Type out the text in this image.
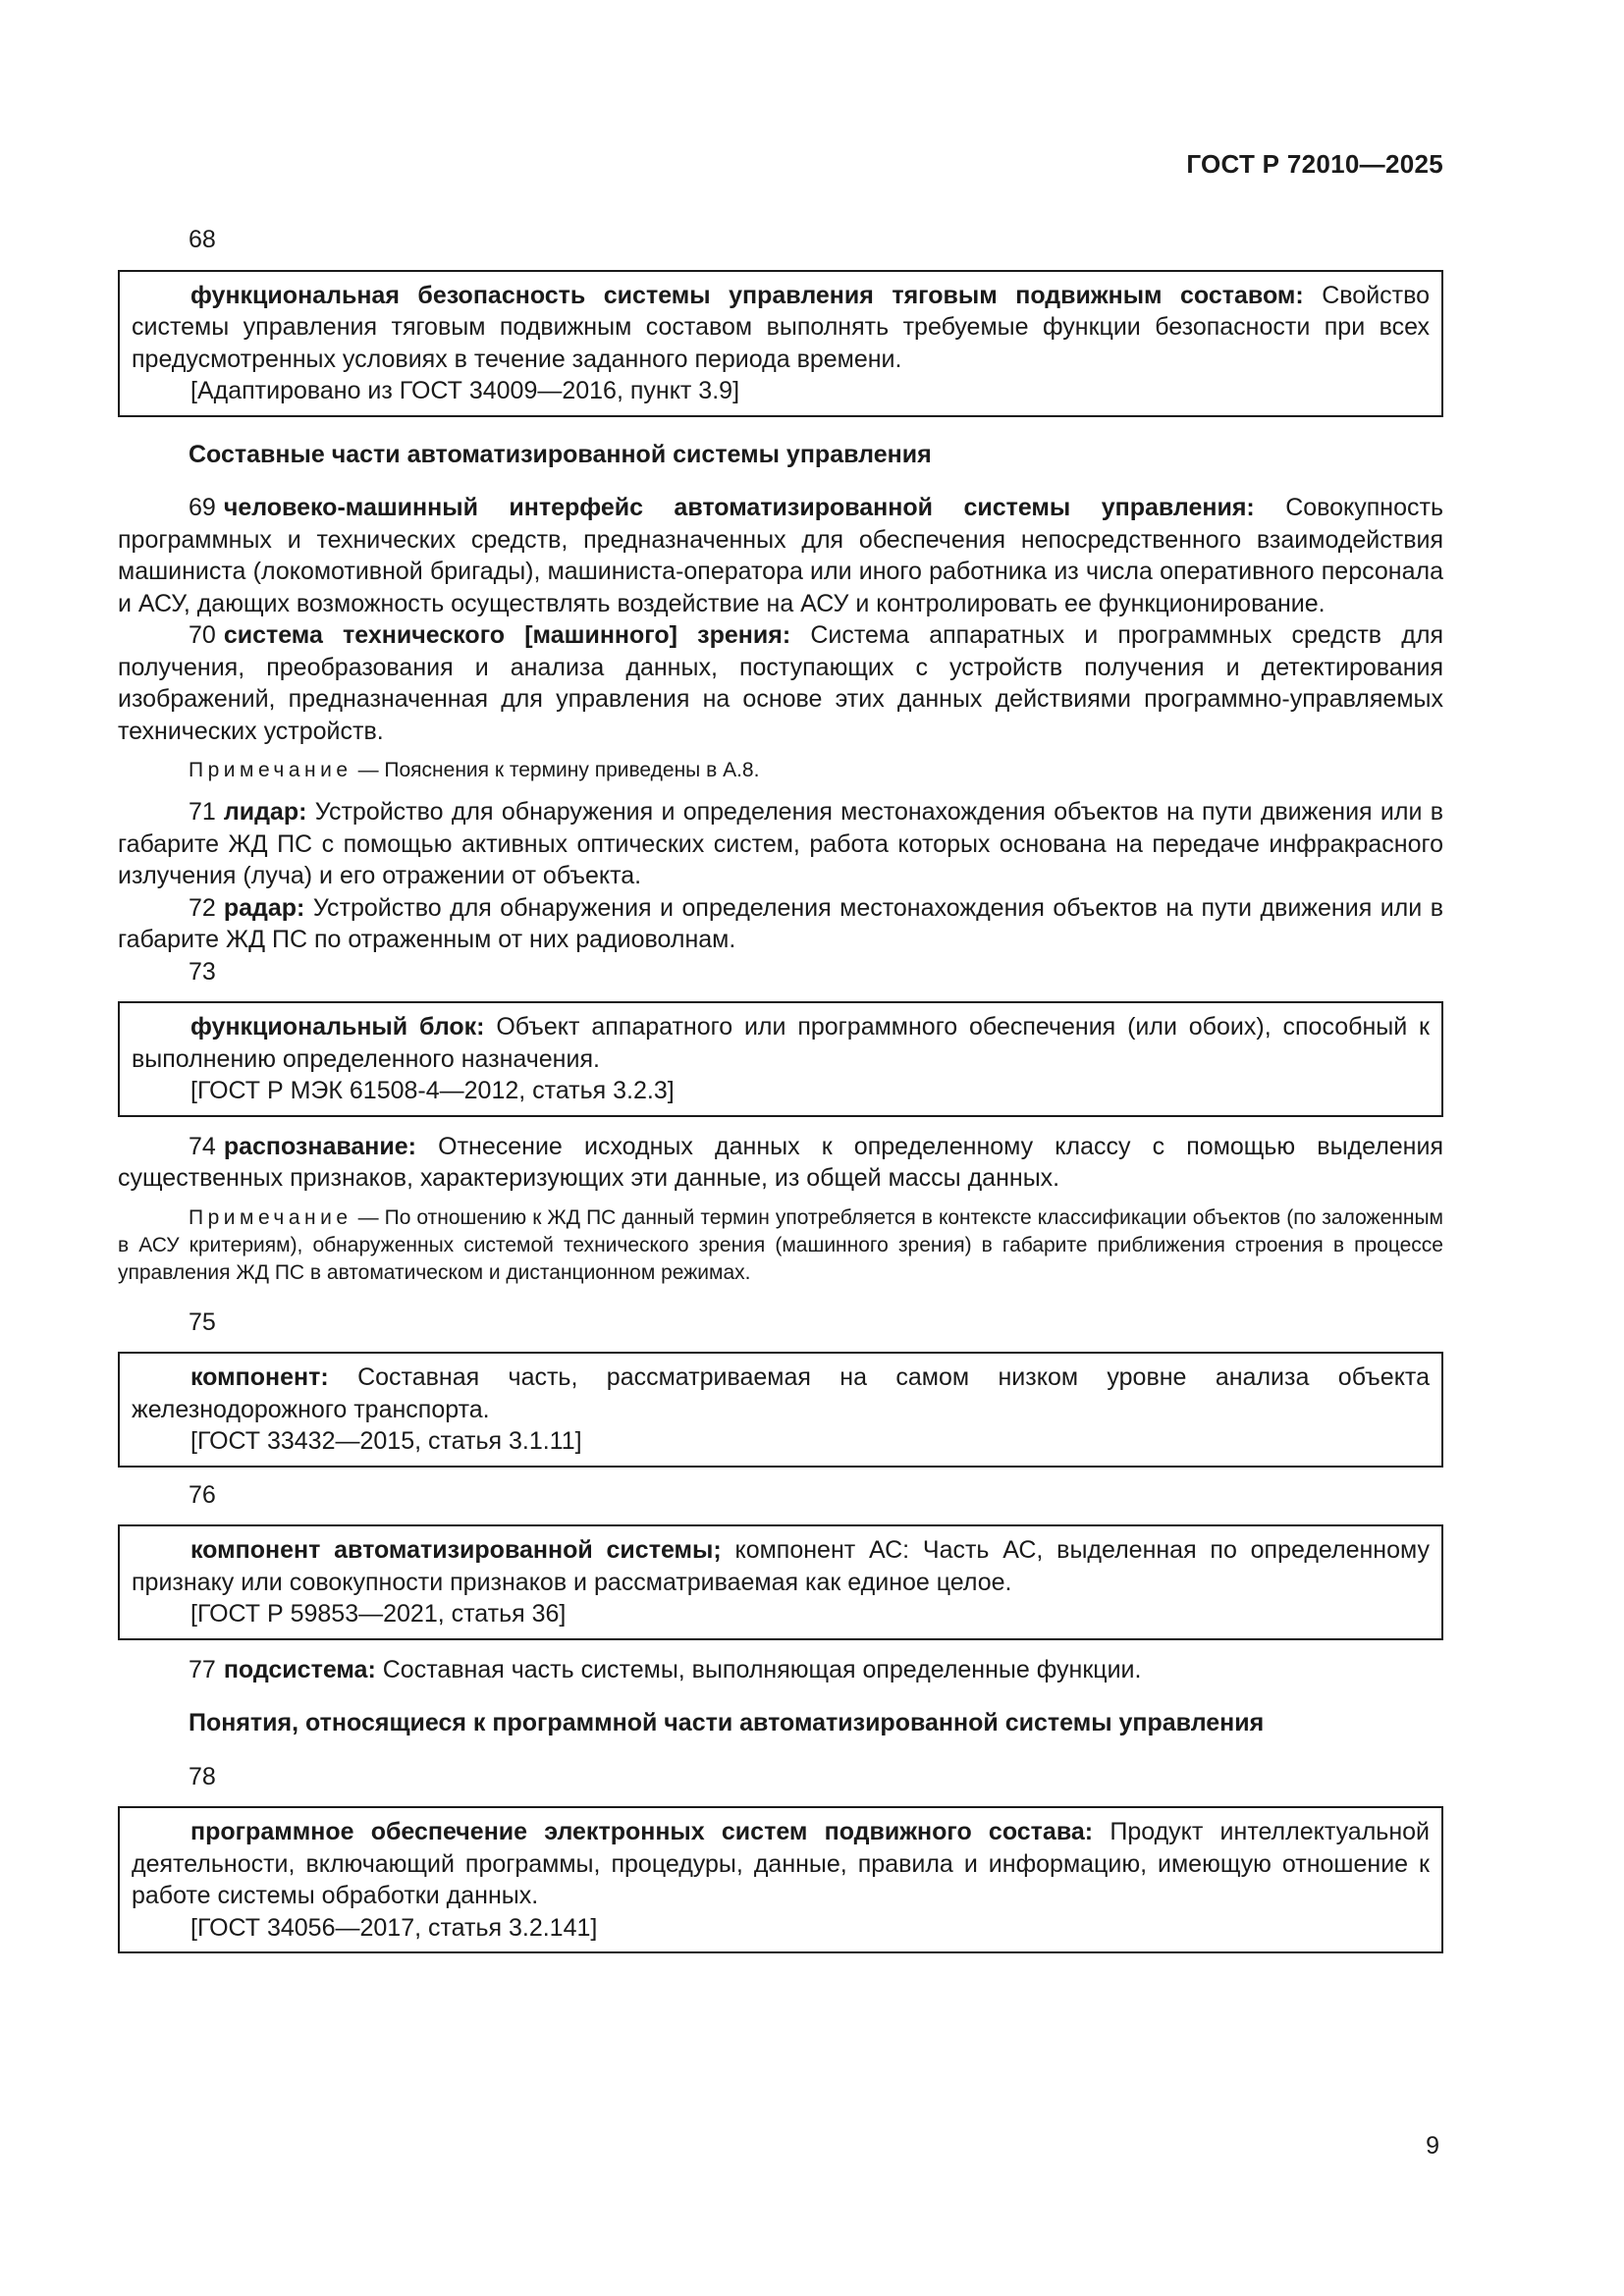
ГОСТ Р 72010—2025

68

функциональная безопасность системы управления тяговым подвижным составом: Свойство системы управления тяговым подвижным составом выполнять требуемые функции безопасности при всех предусмотренных условиях в течение заданного периода времени.

[Адаптировано из ГОСТ 34009—2016, пункт 3.9]

Составные части автоматизированной системы управления

69 человеко-машинный интерфейс автоматизированной системы управления: Совокупность программных и технических средств, предназначенных для обеспечения непосредственного взаимодействия машиниста (локомотивной бригады), машиниста-оператора или иного работника из числа оперативного персонала и АСУ, дающих возможность осуществлять воздействие на АСУ и контролировать ее функционирование.

70 система технического [машинного] зрения: Система аппаратных и программных средств для получения, преобразования и анализа данных, поступающих с устройств получения и детектирования изображений, предназначенная для управления на основе этих данных действиями программно-управляемых технических устройств.

Примечание — Пояснения к термину приведены в А.8.

71 лидар: Устройство для обнаружения и определения местонахождения объектов на пути движения или в габарите ЖД ПС с помощью активных оптических систем, работа которых основана на передаче инфракрасного излучения (луча) и его отражении от объекта.

72 радар: Устройство для обнаружения и определения местонахождения объектов на пути движения или в габарите ЖД ПС по отраженным от них радиоволнам.

73

функциональный блок: Объект аппаратного или программного обеспечения (или обоих), способный к выполнению определенного назначения.

[ГОСТ Р МЭК 61508-4—2012, статья 3.2.3]

74 распознавание: Отнесение исходных данных к определенному классу с помощью выделения существенных признаков, характеризующих эти данные, из общей массы данных.

Примечание — По отношению к ЖД ПС данный термин употребляется в контексте классификации объектов (по заложенным в АСУ критериям), обнаруженных системой технического зрения (машинного зрения) в габарите приближения строения в процессе управления ЖД ПС в автоматическом и дистанционном режимах.

75

компонент: Составная часть, рассматриваемая на самом низком уровне анализа объекта железнодорожного транспорта.

[ГОСТ 33432—2015, статья 3.1.11]

76

компонент автоматизированной системы; компонент АС: Часть АС, выделенная по определенному признаку или совокупности признаков и рассматриваемая как единое целое.

[ГОСТ Р 59853—2021, статья 36]

77 подсистема: Составная часть системы, выполняющая определенные функции.

Понятия, относящиеся к программной части автоматизированной системы управления

78

программное обеспечение электронных систем подвижного состава: Продукт интеллектуальной деятельности, включающий программы, процедуры, данные, правила и информацию, имеющую отношение к работе системы обработки данных.

[ГОСТ 34056—2017, статья 3.2.141]

9
